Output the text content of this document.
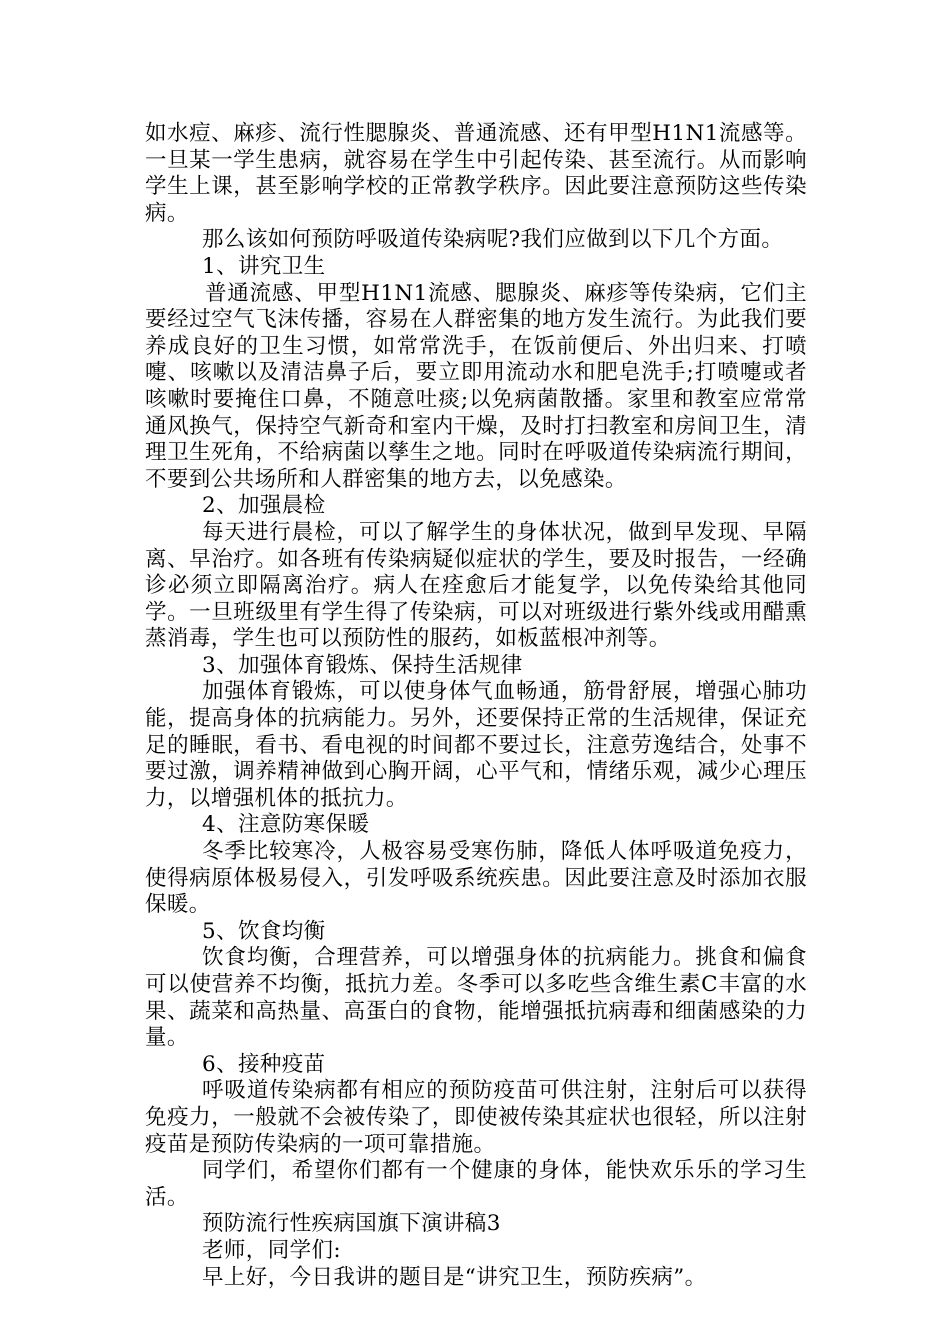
如水痘、麻疹、流行性腮腺炎、普通流感、还有甲型H1N1流感等。一旦某一学生患病，就容易在学生中引起传染、甚至流行。从而影响学生上课，甚至影响学校的正常教学秩序。因此要注意预防这些传染病。

那么该如何预防呼吸道传染病呢?我们应做到以下几个方面。

1、讲究卫生

普通流感、甲型H1N1流感、腮腺炎、麻疹等传染病，它们主要经过空气飞沫传播，容易在人群密集的地方发生流行。为此我们要养成良好的卫生习惯，如常常洗手，在饭前便后、外出归来、打喷嚏、咳嗽以及清洁鼻子后，要立即用流动水和肥皂洗手;打喷嚏或者咳嗽时要掩住口鼻，不随意吐痰;以免病菌散播。家里和教室应常常通风换气，保持空气新奇和室内干燥，及时打扫教室和房间卫生，清理卫生死角，不给病菌以孳生之地。同时在呼吸道传染病流行期间，不要到公共场所和人群密集的地方去，以免感染。

2、加强晨检

每天进行晨检，可以了解学生的身体状况，做到早发现、早隔离、早治疗。如各班有传染病疑似症状的学生，要及时报告，一经确诊必须立即隔离治疗。病人在痊愈后才能复学，以免传染给其他同学。一旦班级里有学生得了传染病，可以对班级进行紫外线或用醋熏蒸消毒，学生也可以预防性的服药，如板蓝根冲剂等。

3、加强体育锻炼、保持生活规律

加强体育锻炼，可以使身体气血畅通，筋骨舒展，增强心肺功能，提高身体的抗病能力。另外，还要保持正常的生活规律，保证充足的睡眠，看书、看电视的时间都不要过长，注意劳逸结合，处事不要过激，调养精神做到心胸开阔，心平气和，情绪乐观，减少心理压力，以增强机体的抵抗力。

4、注意防寒保暖

冬季比较寒冷，人极容易受寒伤肺，降低人体呼吸道免疫力，使得病原体极易侵入，引发呼吸系统疾患。因此要注意及时添加衣服保暖。

5、饮食均衡

饮食均衡，合理营养，可以增强身体的抗病能力。挑食和偏食可以使营养不均衡，抵抗力差。冬季可以多吃些含维生素C丰富的水果、蔬菜和高热量、高蛋白的食物，能增强抵抗病毒和细菌感染的力量。

6、接种疫苗

呼吸道传染病都有相应的预防疫苗可供注射，注射后可以获得免疫力，一般就不会被传染了，即使被传染其症状也很轻，所以注射疫苗是预防传染病的一项可靠措施。

同学们，希望你们都有一个健康的身体，能快欢乐乐的学习生活。

预防流行性疾病国旗下演讲稿3

老师，同学们:

早上好，今日我讲的题目是“讲究卫生，预防疾病”。
